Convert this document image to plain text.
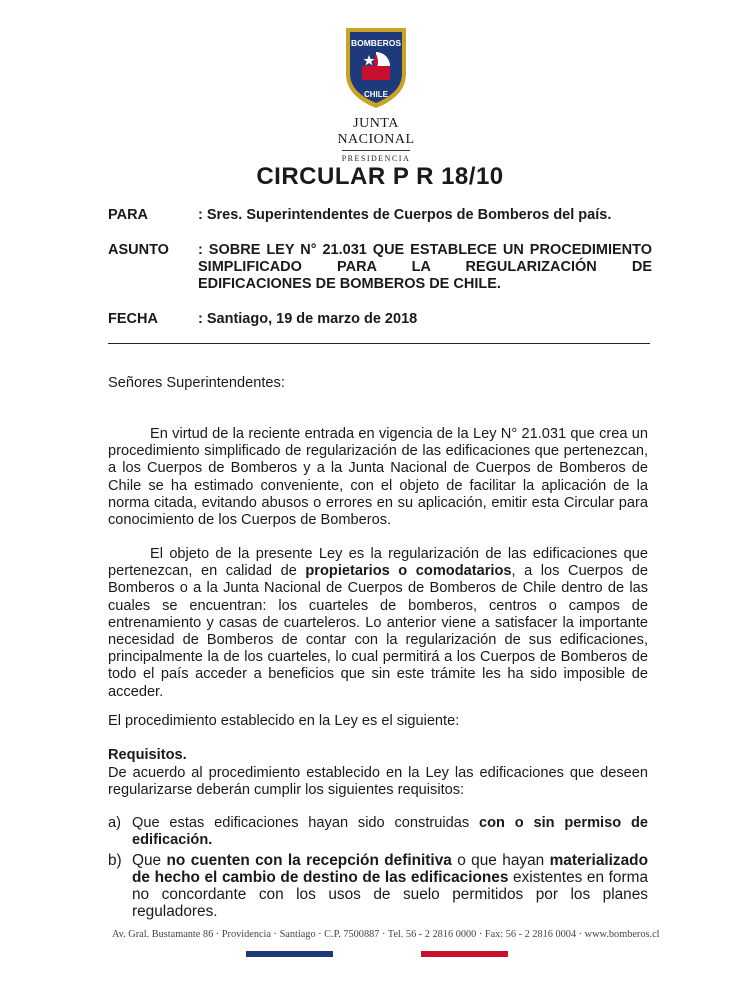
BOMBEROS
CHILE
JUNTA NACIONAL
PRESIDENCIA
CIRCULAR P R 18/10
PARA	: Sres. Superintendentes de Cuerpos de Bomberos del país.
ASUNTO	: SOBRE LEY N° 21.031 QUE ESTABLECE UN PROCEDIMIENTO
SIMPLIFICADO PARA LA REGULARIZACIÓN DE
EDIFICACIONES DE BOMBEROS DE CHILE.
FECHA	: Santiago, 19 de marzo de 2018
Señores Superintendentes:
En virtud de la reciente entrada en vigencia de la Ley N° 21.031 que crea un procedimiento simplificado de regularización de las edificaciones que pertenezcan, a los Cuerpos de Bomberos y a la Junta Nacional de Cuerpos de Bomberos de Chile se ha estimado conveniente, con el objeto de facilitar la aplicación de la norma citada, evitando abusos o errores en su aplicación, emitir esta Circular para conocimiento de los Cuerpos de Bomberos.
El objeto de la presente Ley es la regularización de las edificaciones que pertenezcan, en calidad de propietarios o comodatarios, a los Cuerpos de Bomberos o a la Junta Nacional de Cuerpos de Bomberos de Chile dentro de las cuales se encuentran: los cuarteles de bomberos, centros o campos de entrenamiento y casas de cuarteleros. Lo anterior viene a satisfacer la importante necesidad de Bomberos de contar con la regularización de sus edificaciones, principalmente la de los cuarteles, lo cual permitirá a los Cuerpos de Bomberos de todo el país acceder a beneficios que sin este trámite les ha sido imposible de acceder.
El procedimiento establecido en la Ley es el siguiente:
Requisitos.
De acuerdo al procedimiento establecido en la Ley las edificaciones que deseen regularizarse deberán cumplir los siguientes requisitos:
a) Que estas edificaciones hayan sido construidas con o sin permiso de edificación.
b) Que no cuenten con la recepción definitiva o que hayan materializado de hecho el cambio de destino de las edificaciones existentes en forma no concordante con los usos de suelo permitidos por los planes reguladores.
Av. Gral. Bustamante 86 · Providencia · Santiago · C.P. 7500887 · Tel. 56 - 2 2816 0000 · Fax: 56 - 2 2816 0004 · www.bomberos.cl
